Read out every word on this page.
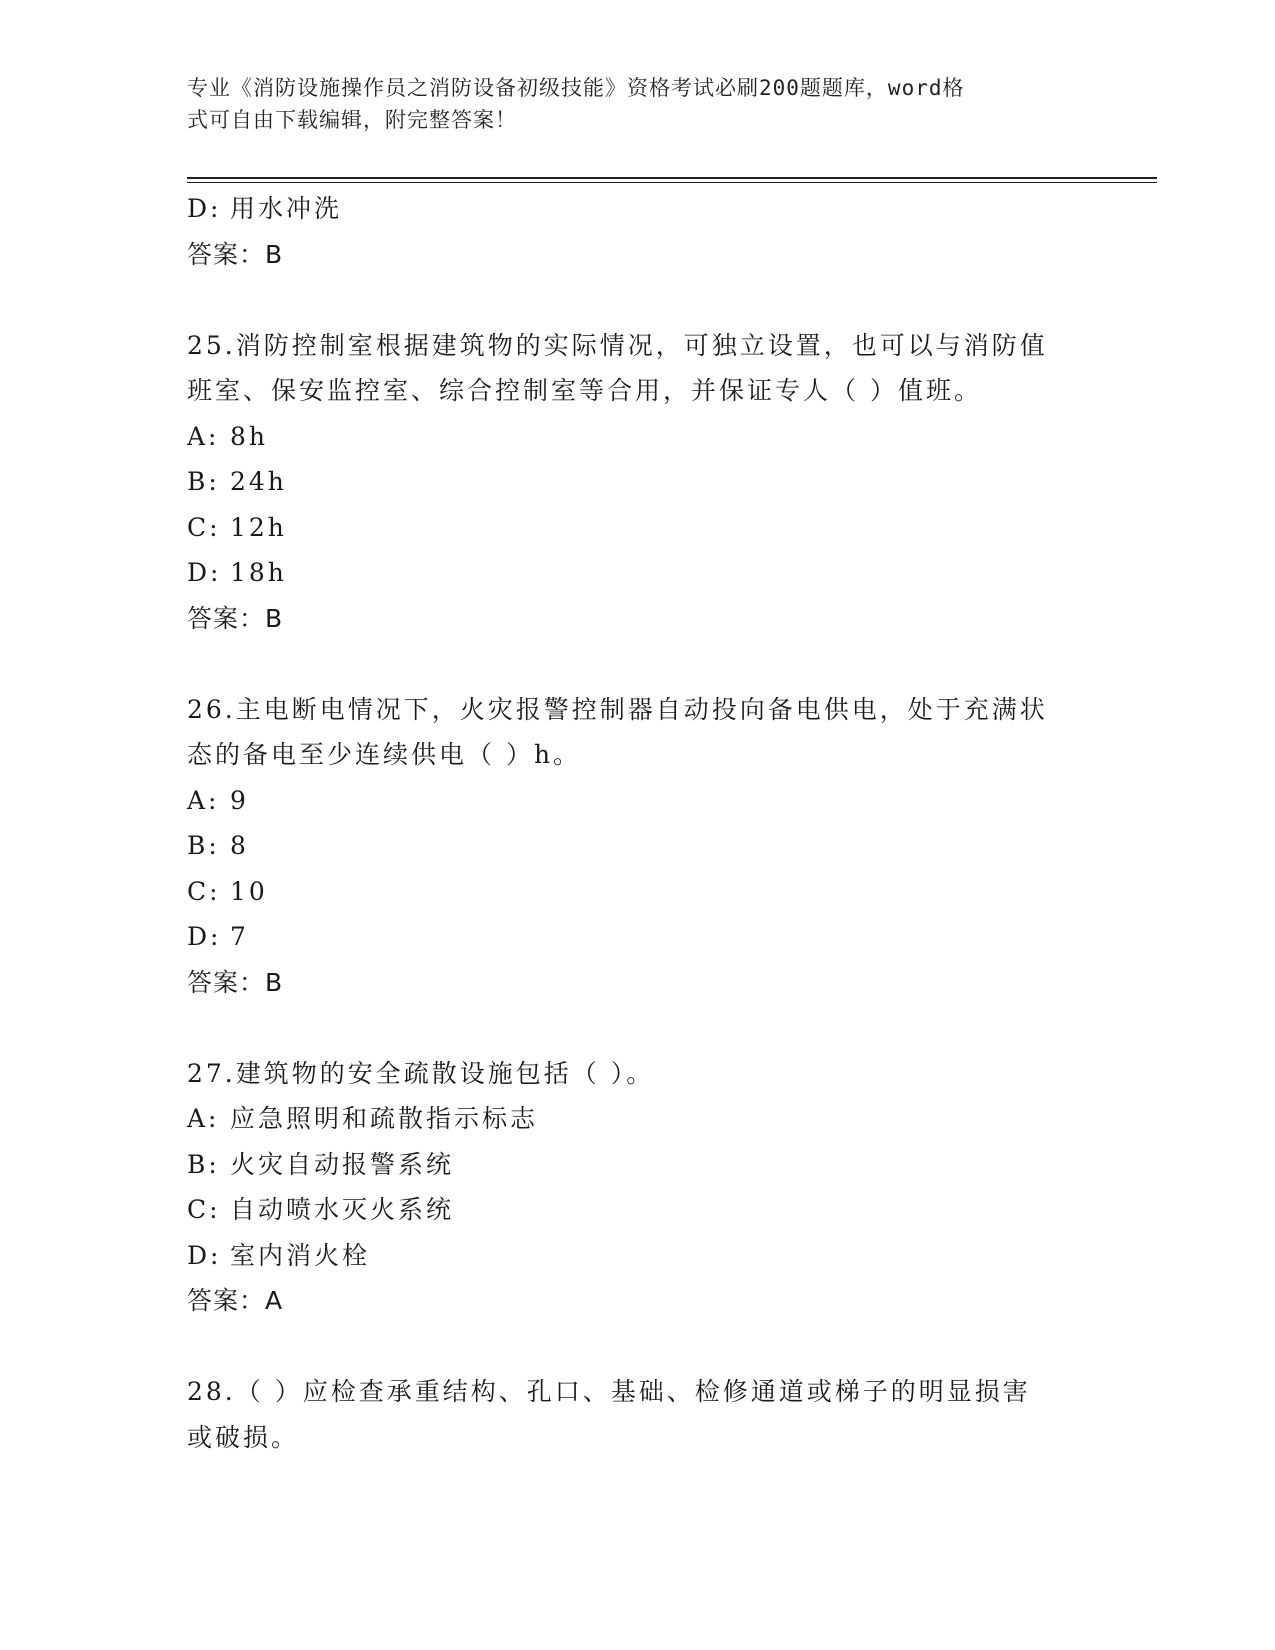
专业《消防设施操作员之消防设备初级技能》资格考试必刷200题题库，word格
式可自由下载编辑，附完整答案！
D: 用水冲洗
答案：B
25.消防控制室根据建筑物的实际情况，可独立设置，也可以与消防值
班室、保安监控室、综合控制室等合用，并保证专人（ ）值班。
A: 8h
B: 24h
C: 12h
D: 18h
答案：B
26.主电断电情况下，火灾报警控制器自动投向备电供电，处于充满状
态的备电至少连续供电（ ）h。
A: 9
B: 8
C: 10
D: 7
答案：B
27.建筑物的安全疏散设施包括（ ）。
A: 应急照明和疏散指示标志
B: 火灾自动报警系统
C: 自动喷水灭火系统
D: 室内消火栓
答案：A
28.（ ）应检查承重结构、孔口、基础、检修通道或梯子的明显损害
或破损。
